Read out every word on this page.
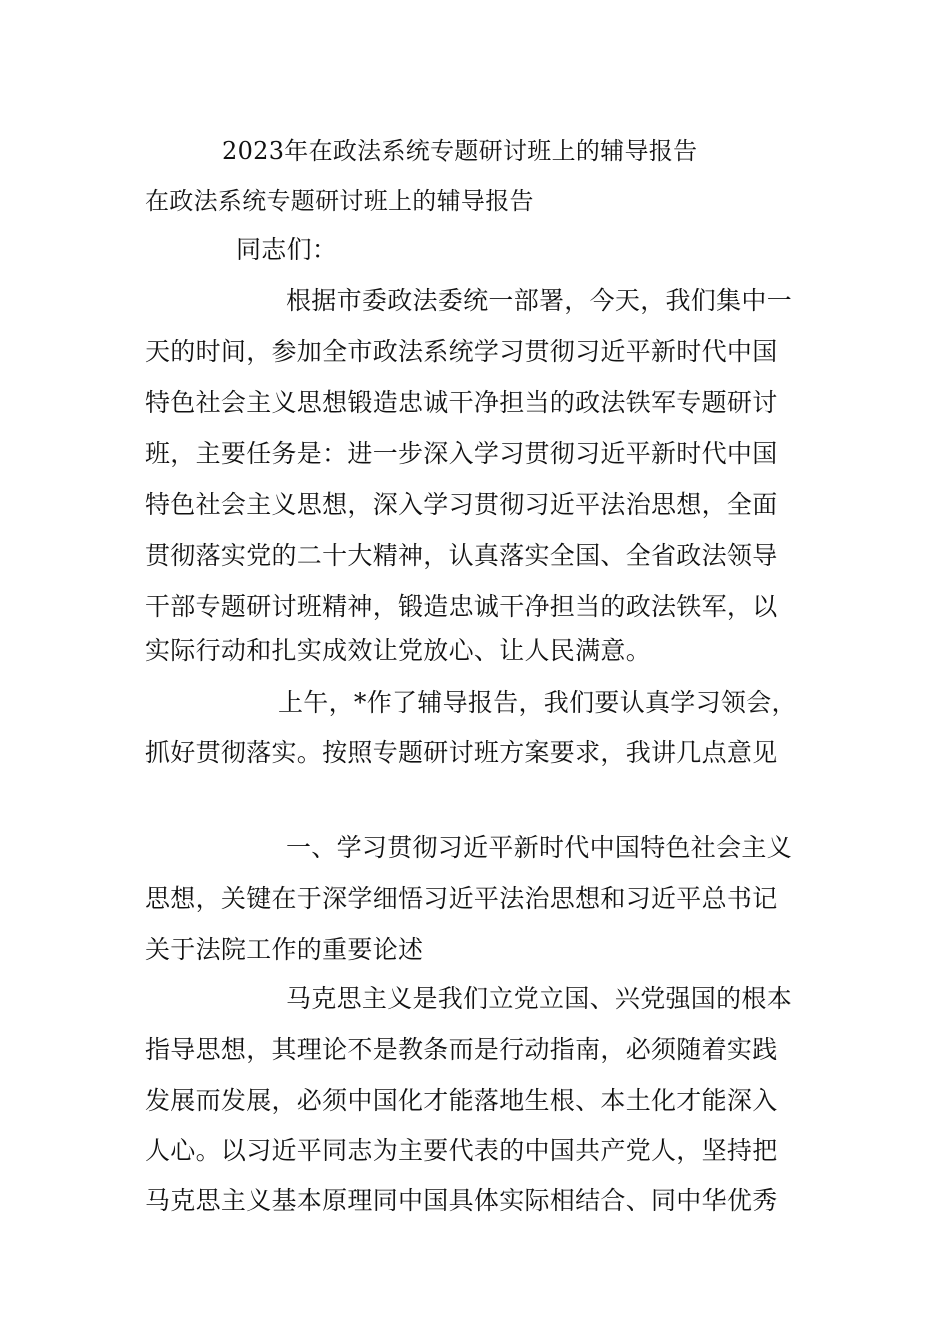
2023年在政法系统专题研讨班上的辅导报告
在政法系统专题研讨班上的辅导报告
同志们：
根据市委政法委统一部署，今天，我们集中一
天的时间，参加全市政法系统学习贯彻习近平新时代中国
特色社会主义思想锻造忠诚干净担当的政法铁军专题研讨
班，主要任务是：进一步深入学习贯彻习近平新时代中国
特色社会主义思想，深入学习贯彻习近平法治思想，全面
贯彻落实党的二十大精神，认真落实全国、全省政法领导
干部专题研讨班精神，锻造忠诚干净担当的政法铁军，以
实际行动和扎实成效让党放心、让人民满意。
上午，*作了辅导报告，我们要认真学习领会，
抓好贯彻落实。按照专题研讨班方案要求，我讲几点意见
一、学习贯彻习近平新时代中国特色社会主义
思想，关键在于深学细悟习近平法治思想和习近平总书记
关于法院工作的重要论述
马克思主义是我们立党立国、兴党强国的根本
指导思想，其理论不是教条而是行动指南，必须随着实践
发展而发展，必须中国化才能落地生根、本土化才能深入
人心。以习近平同志为主要代表的中国共产党人，坚持把
马克思主义基本原理同中国具体实际相结合、同中华优秀
